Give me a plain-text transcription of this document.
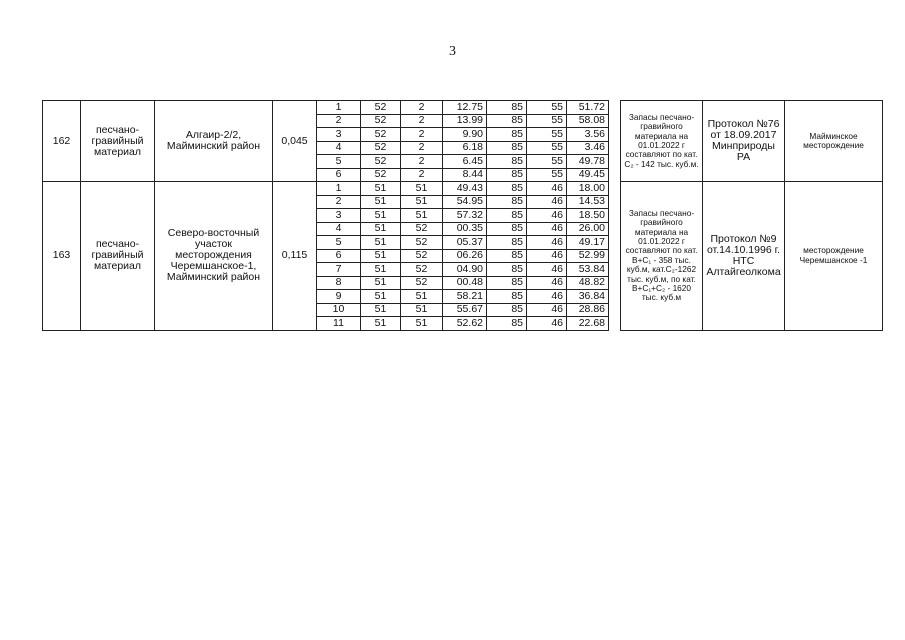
3
162	песчано-гравийный материал	Алгаир-2/2, Майминский район	0,045	1	52	2	12.75	85	55	51.72		Запасы песчано-гравийного материала на 01.01.2022 г составляют по кат. С₂ - 142 тыс. куб.м.	Протокол №76 от 18.09.2017 Минприроды РА	Майминское месторождение
				2	52	2	13.99	85	55	58.08				
				3	52	2	9.90	85	55	3.56				
				4	52	2	6.18	85	55	3.46				
				5	52	2	6.45	85	55	49.78				
				6	52	2	8.44	85	55	49.45				
163	песчано-гравийный материал	Северо-восточный участок месторождения Черемшанское-1, Майминский район	0,115	1	51	51	49.43	85	46	18.00		Запасы песчано-гравийного материала на 01.01.2022 г составляют по кат. В+С₁ - 358 тыс. куб.м, кат.С₂-1262 тыс. куб.м, по кат. В+С₁+С₂ - 1620 тыс. куб.м	Протокол №9 от.14.10.1996 г. НТС Алтайгеолкома	месторождение Черемшанское -1
				2	51	51	54.95	85	46	14.53				
				3	51	51	57.32	85	46	18.50				
				4	51	52	00.35	85	46	26.00				
				5	51	52	05.37	85	46	49.17				
				6	51	52	06.26	85	46	52.99				
				7	51	52	04.90	85	46	53.84				
				8	51	52	00.48	85	46	48.82				
				9	51	51	58.21	85	46	36.84				
				10	51	51	55.67	85	46	28.86				
				11	51	51	52.62	85	46	22.68				
